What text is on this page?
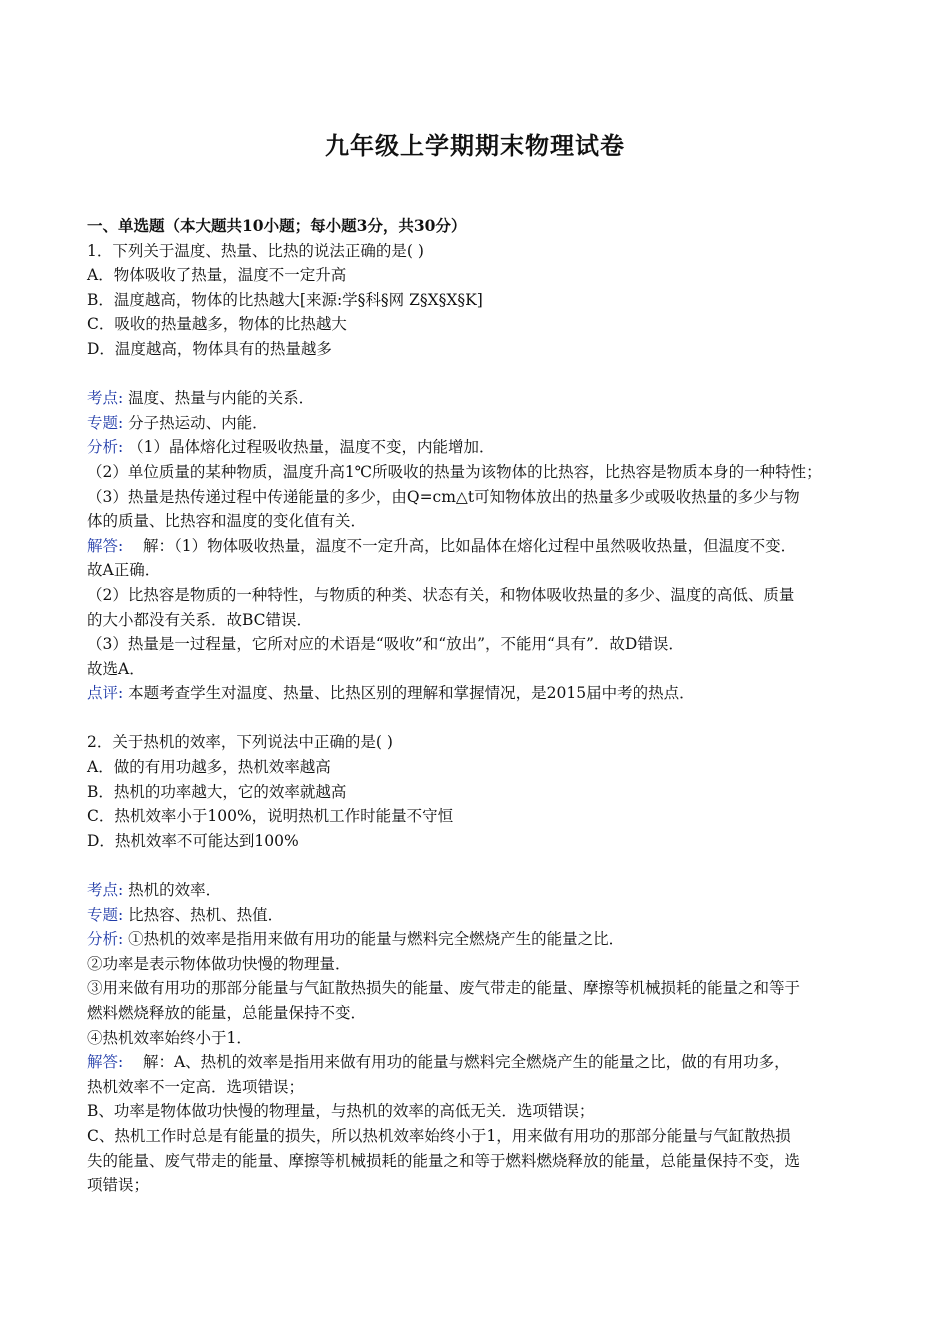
九年级上学期期末物理试卷
一、单选题（本大题共10小题；每小题3分，共30分）
1．下列关于温度、热量、比热的说法正确的是( )
A．物体吸收了热量，温度不一定升高
B．温度越高，物体的比热越大[来源:学§科§网 Z§X§X§K]
C．吸收的热量越多，物体的比热越大
D．温度越高，物体具有的热量越多
考点: 温度、热量与内能的关系．
专题: 分子热运动、内能．
分析: （1）晶体熔化过程吸收热量，温度不变，内能增加．
（2）单位质量的某种物质，温度升高1℃所吸收的热量为该物体的比热容，比热容是物质本身的一种特性；
（3）热量是热传递过程中传递能量的多少，由Q=cm△t可知物体放出的热量多少或吸收热量的多少与物
体的质量、比热容和温度的变化值有关．
解答: 解：（1）物体吸收热量，温度不一定升高，比如晶体在熔化过程中虽然吸收热量，但温度不变．
故A正确．
（2）比热容是物质的一种特性，与物质的种类、状态有关，和物体吸收热量的多少、温度的高低、质量
的大小都没有关系．故BC错误．
（3）热量是一过程量，它所对应的术语是“吸收”和“放出”，不能用“具有”．故D错误．
故选A．
点评: 本题考查学生对温度、热量、比热区别的理解和掌握情况，是2015届中考的热点．
2．关于热机的效率，下列说法中正确的是( )
A．做的有用功越多，热机效率越高
B．热机的功率越大，它的效率就越高
C．热机效率小于100%，说明热机工作时能量不守恒
D．热机效率不可能达到100%
考点: 热机的效率．
专题: 比热容、热机、热值．
分析: ①热机的效率是指用来做有用功的能量与燃料完全燃烧产生的能量之比．
②功率是表示物体做功快慢的物理量．
③用来做有用功的那部分能量与气缸散热损失的能量、废气带走的能量、摩擦等机械损耗的能量之和等于
燃料燃烧释放的能量，总能量保持不变．
④热机效率始终小于1．
解答: 解：A、热机的效率是指用来做有用功的能量与燃料完全燃烧产生的能量之比，做的有用功多，
热机效率不一定高．选项错误；
B、功率是物体做功快慢的物理量，与热机的效率的高低无关．选项错误；
C、热机工作时总是有能量的损失，所以热机效率始终小于1，用来做有用功的那部分能量与气缸散热损
失的能量、废气带走的能量、摩擦等机械损耗的能量之和等于燃料燃烧释放的能量，总能量保持不变，选
项错误；
